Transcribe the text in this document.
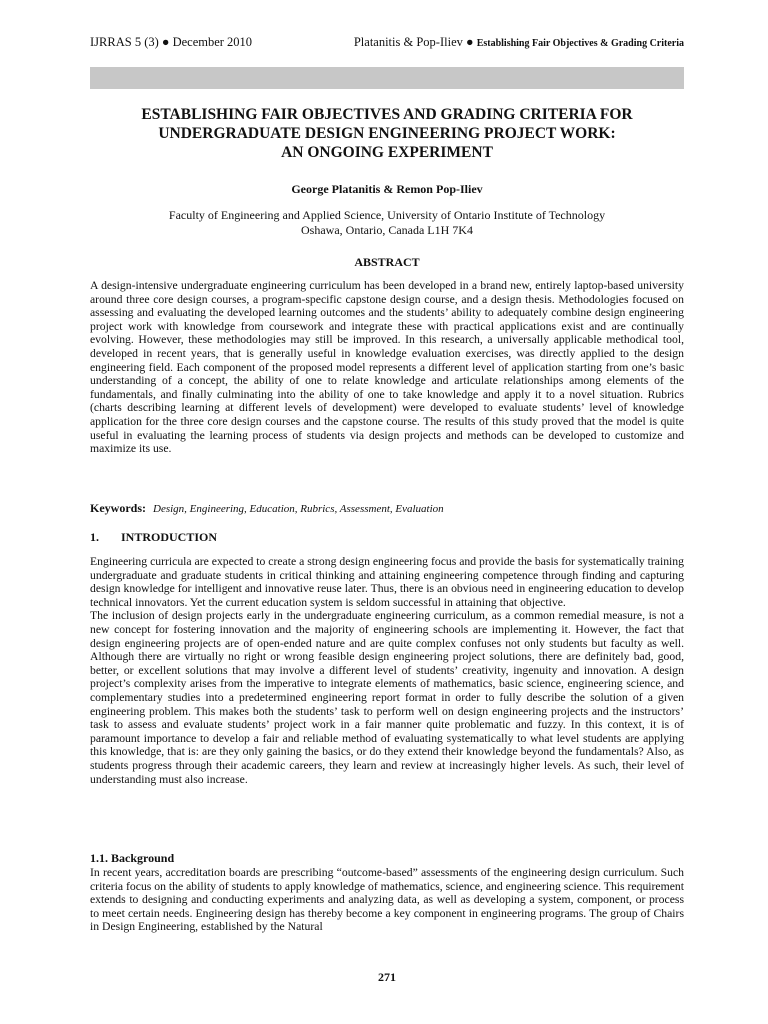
IJRRAS 5 (3) ● December 2010	Platanitis & Pop-Iliev ● Establishing Fair Objectives & Grading Criteria
ESTABLISHING FAIR OBJECTIVES AND GRADING CRITERIA FOR
UNDERGRADUATE DESIGN ENGINEERING PROJECT WORK:
AN ONGOING EXPERIMENT
George Platanitis & Remon Pop-Iliev
Faculty of Engineering and Applied Science, University of Ontario Institute of Technology
Oshawa, Ontario, Canada L1H 7K4
ABSTRACT

A design-intensive undergraduate engineering curriculum has been developed in a brand new, entirely laptop-based university around three core design courses, a program-specific capstone design course, and a design thesis. Methodologies focused on assessing and evaluating the developed learning outcomes and the students’ ability to adequately combine design engineering project work with knowledge from coursework and integrate these with practical applications exist and are continually evolving. However, these methodologies may still be improved. In this research, a universally applicable methodical tool, developed in recent years, that is generally useful in knowledge evaluation exercises, was directly applied to the design engineering field. Each component of the proposed model represents a different level of application starting from one’s basic understanding of a concept, the ability of one to relate knowledge and articulate relationships among elements of the fundamentals, and finally culminating into the ability of one to take knowledge and apply it to a novel situation. Rubrics (charts describing learning at different levels of development) were developed to evaluate students’ level of knowledge application for the three core design courses and the capstone course. The results of this study proved that the model is quite useful in evaluating the learning process of students via design projects and methods can be developed to customize and maximize its use.

Keywords: Design, Engineering, Education, Rubrics, Assessment, Evaluation
1. INTRODUCTION

Engineering curricula are expected to create a strong design engineering focus and provide the basis for systematically training undergraduate and graduate students in critical thinking and attaining engineering competence through finding and capturing design knowledge for intelligent and innovative reuse later. Thus, there is an obvious need in engineering education to develop technical innovators. Yet the current education system is seldom successful in attaining that objective.

The inclusion of design projects early in the undergraduate engineering curriculum, as a common remedial measure, is not a new concept for fostering innovation and the majority of engineering schools are implementing it. However, the fact that design engineering projects are of open-ended nature and are quite complex confuses not only students but faculty as well. Although there are virtually no right or wrong feasible design engineering project solutions, there are definitely bad, good, better, or excellent solutions that may involve a different level of students’ creativity, ingenuity and innovation. A design project’s complexity arises from the imperative to integrate elements of mathematics, basic science, engineering science, and complementary studies into a predetermined engineering report format in order to fully describe the solution of a given engineering problem. This makes both the students’ task to perform well on design engineering projects and the instructors’ task to assess and evaluate students’ project work in a fair manner quite problematic and fuzzy. In this context, it is of paramount importance to develop a fair and reliable method of evaluating systematically to what level students are applying this knowledge, that is: are they only gaining the basics, or do they extend their knowledge beyond the fundamentals? Also, as students progress through their academic careers, they learn and review at increasingly higher levels. As such, their level of understanding must also increase.

1.1. Background

In recent years, accreditation boards are prescribing “outcome-based” assessments of the engineering design curriculum. Such criteria focus on the ability of students to apply knowledge of mathematics, science, and engineering science. This requirement extends to designing and conducting experiments and analyzing data, as well as developing a system, component, or process to meet certain needs. Engineering design has thereby become a key component in engineering programs. The group of Chairs in Design Engineering, established by the Natural

271
